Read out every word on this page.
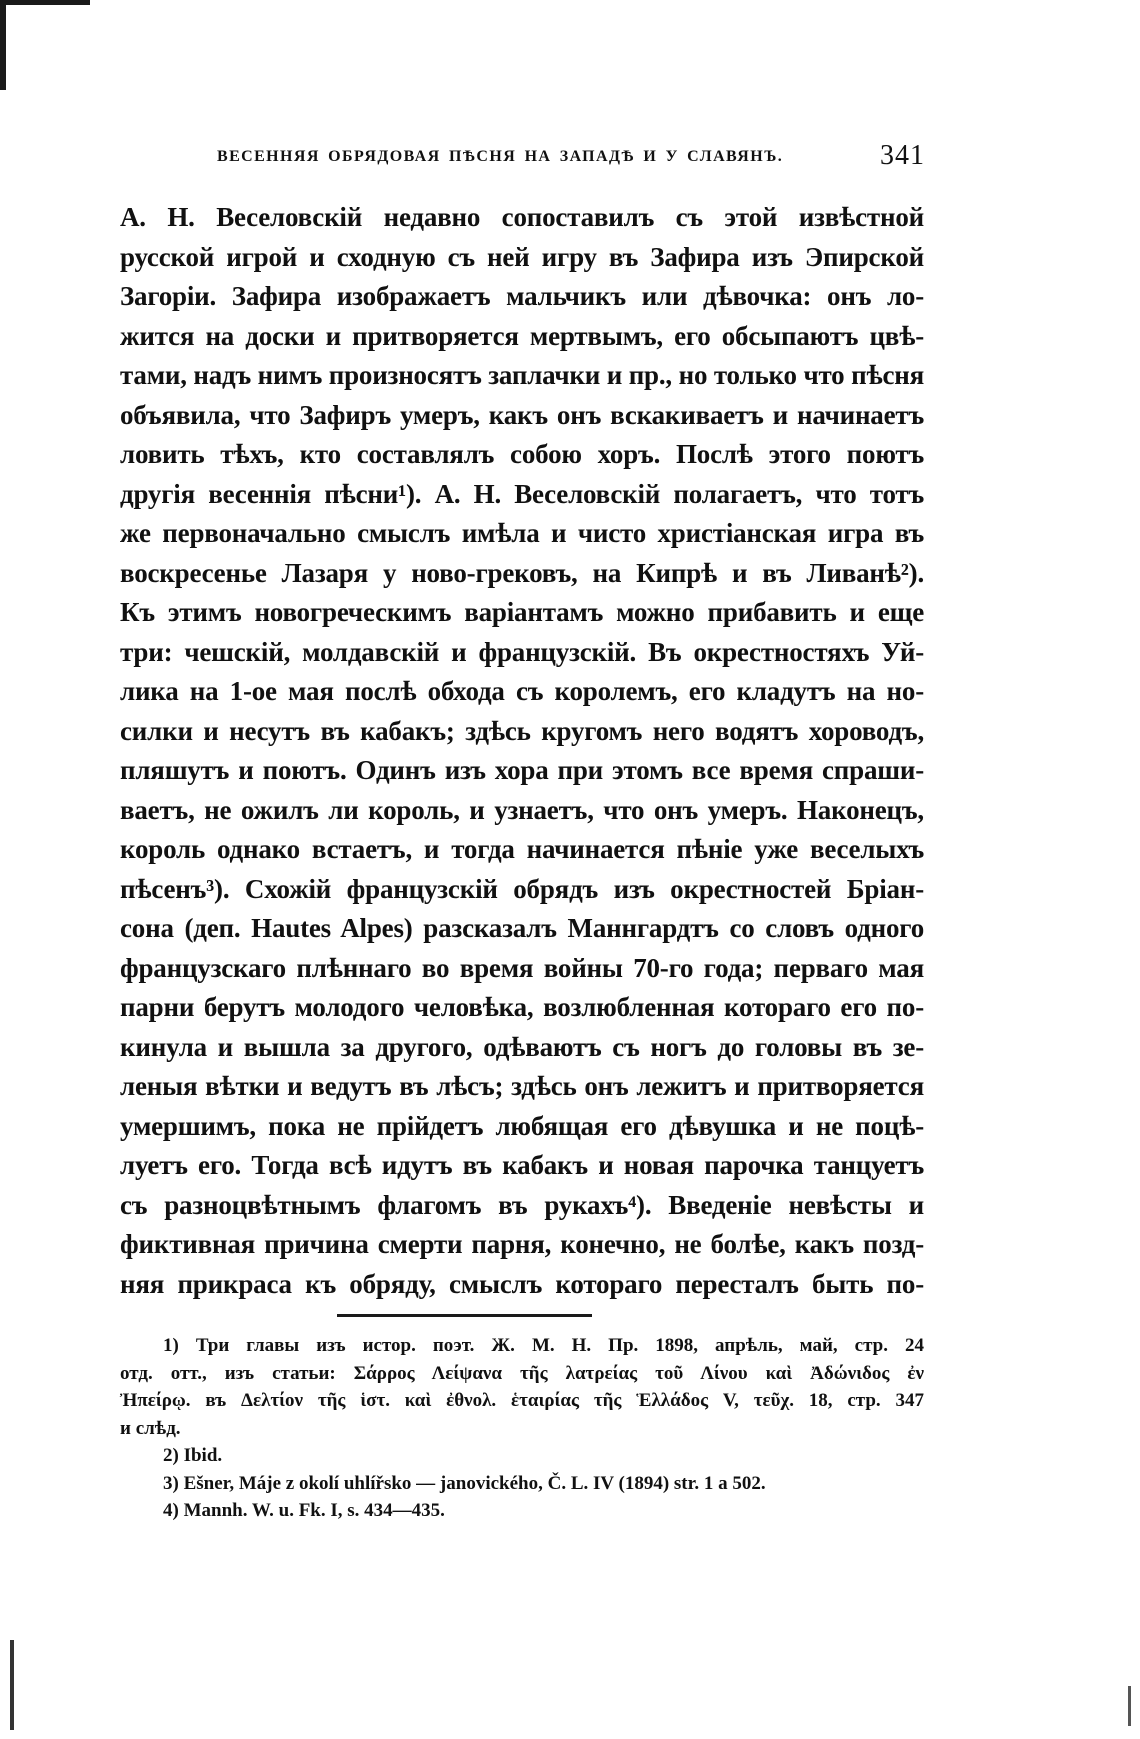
ВЕСЕННЯЯ ОБРЯДОВАЯ ПѢСНЯ НА ЗАПАДѢ И У СЛАВЯНЪ.	341
А. Н. Веселовскій недавно сопоставилъ съ этой извѣстной
русской игрой и сходную съ ней игру въ Зафира изъ Эпирской
Загоріи. Зафира изображаетъ мальчикъ или дѣвочка: онъ ло-
жится на доски и притворяется мертвымъ, его обсыпаютъ цвѣ-
тами, надъ нимъ произносятъ заплачки и пр., но только что пѣсня
объявила, что Зафиръ умеръ, какъ онъ вскакиваетъ и начинаетъ
ловить тѣхъ, кто составлялъ собою хоръ. Послѣ этого поютъ
другія весеннія пѣсни¹). А. Н. Веселовскій полагаетъ, что тотъ
же первоначально смыслъ имѣла и чисто христіанская игра въ
воскресенье Лазаря у ново-грековъ, на Кипрѣ и въ Ливанѣ²).
Къ этимъ новогреческимъ варіантамъ можно прибавить и еще
три: чешскій, молдавскій и французскій. Въ окрестностяхъ Уй-
лика на 1-ое мая послѣ обхода съ королемъ, его кладутъ на но-
силки и несутъ въ кабакъ; здѣсь кругомъ него водятъ хороводъ,
пляшутъ и поютъ. Одинъ изъ хора при этомъ все время спраши-
ваетъ, не ожилъ ли король, и узнаетъ, что онъ умеръ. Наконецъ,
король однако встаетъ, и тогда начинается пѣніе уже веселыхъ
пѣсенъ³). Схожій французскій обрядъ изъ окрестностей Бріан-
сона (деп. Hautes Alpes) разсказалъ Маннгардтъ со словъ одного
французскаго плѣннаго во время войны 70-го года; перваго мая
парни берутъ молодого человѣка, возлюбленная котораго его по-
кинула и вышла за другого, одѣваютъ съ ногъ до головы въ зе-
леныя вѣтки и ведутъ въ лѣсъ; здѣсь онъ лежитъ и притворяется
умершимъ, пока не прійдетъ любящая его дѣвушка и не поцѣ-
луетъ его. Тогда всѣ идутъ въ кабакъ и новая парочка танцуетъ
съ разноцвѣтнымъ флагомъ въ рукахъ⁴). Введеніе невѣсты и
фиктивная причина смерти парня, конечно, не болѣе, какъ позд-
няя прикраса къ обряду, смыслъ котораго пересталъ быть по-
1) Три главы изъ истор. поэт. Ж. М. Н. Пр. 1898, апрѣль, май, стр. 24
отд. отт., изъ статьи: Σάρρος Λείψανα τῆς λατρείας τοῦ Λίνου καὶ Ἀδώνιδος ἐν
Ἠπείρῳ. въ Δελτίον τῆς ἱστ. καὶ ἐθνολ. ἑταιρίας τῆς Ἑλλάδος V, τεῦχ. 18, стр. 347
и слѣд.
2) Ibid.
3) Ešner, Máje z okolí uhlířsko — janovického, Č. L. IV (1894) str. 1 a 502.
4) Mannh. W. u. Fk. I, s. 434—435.
